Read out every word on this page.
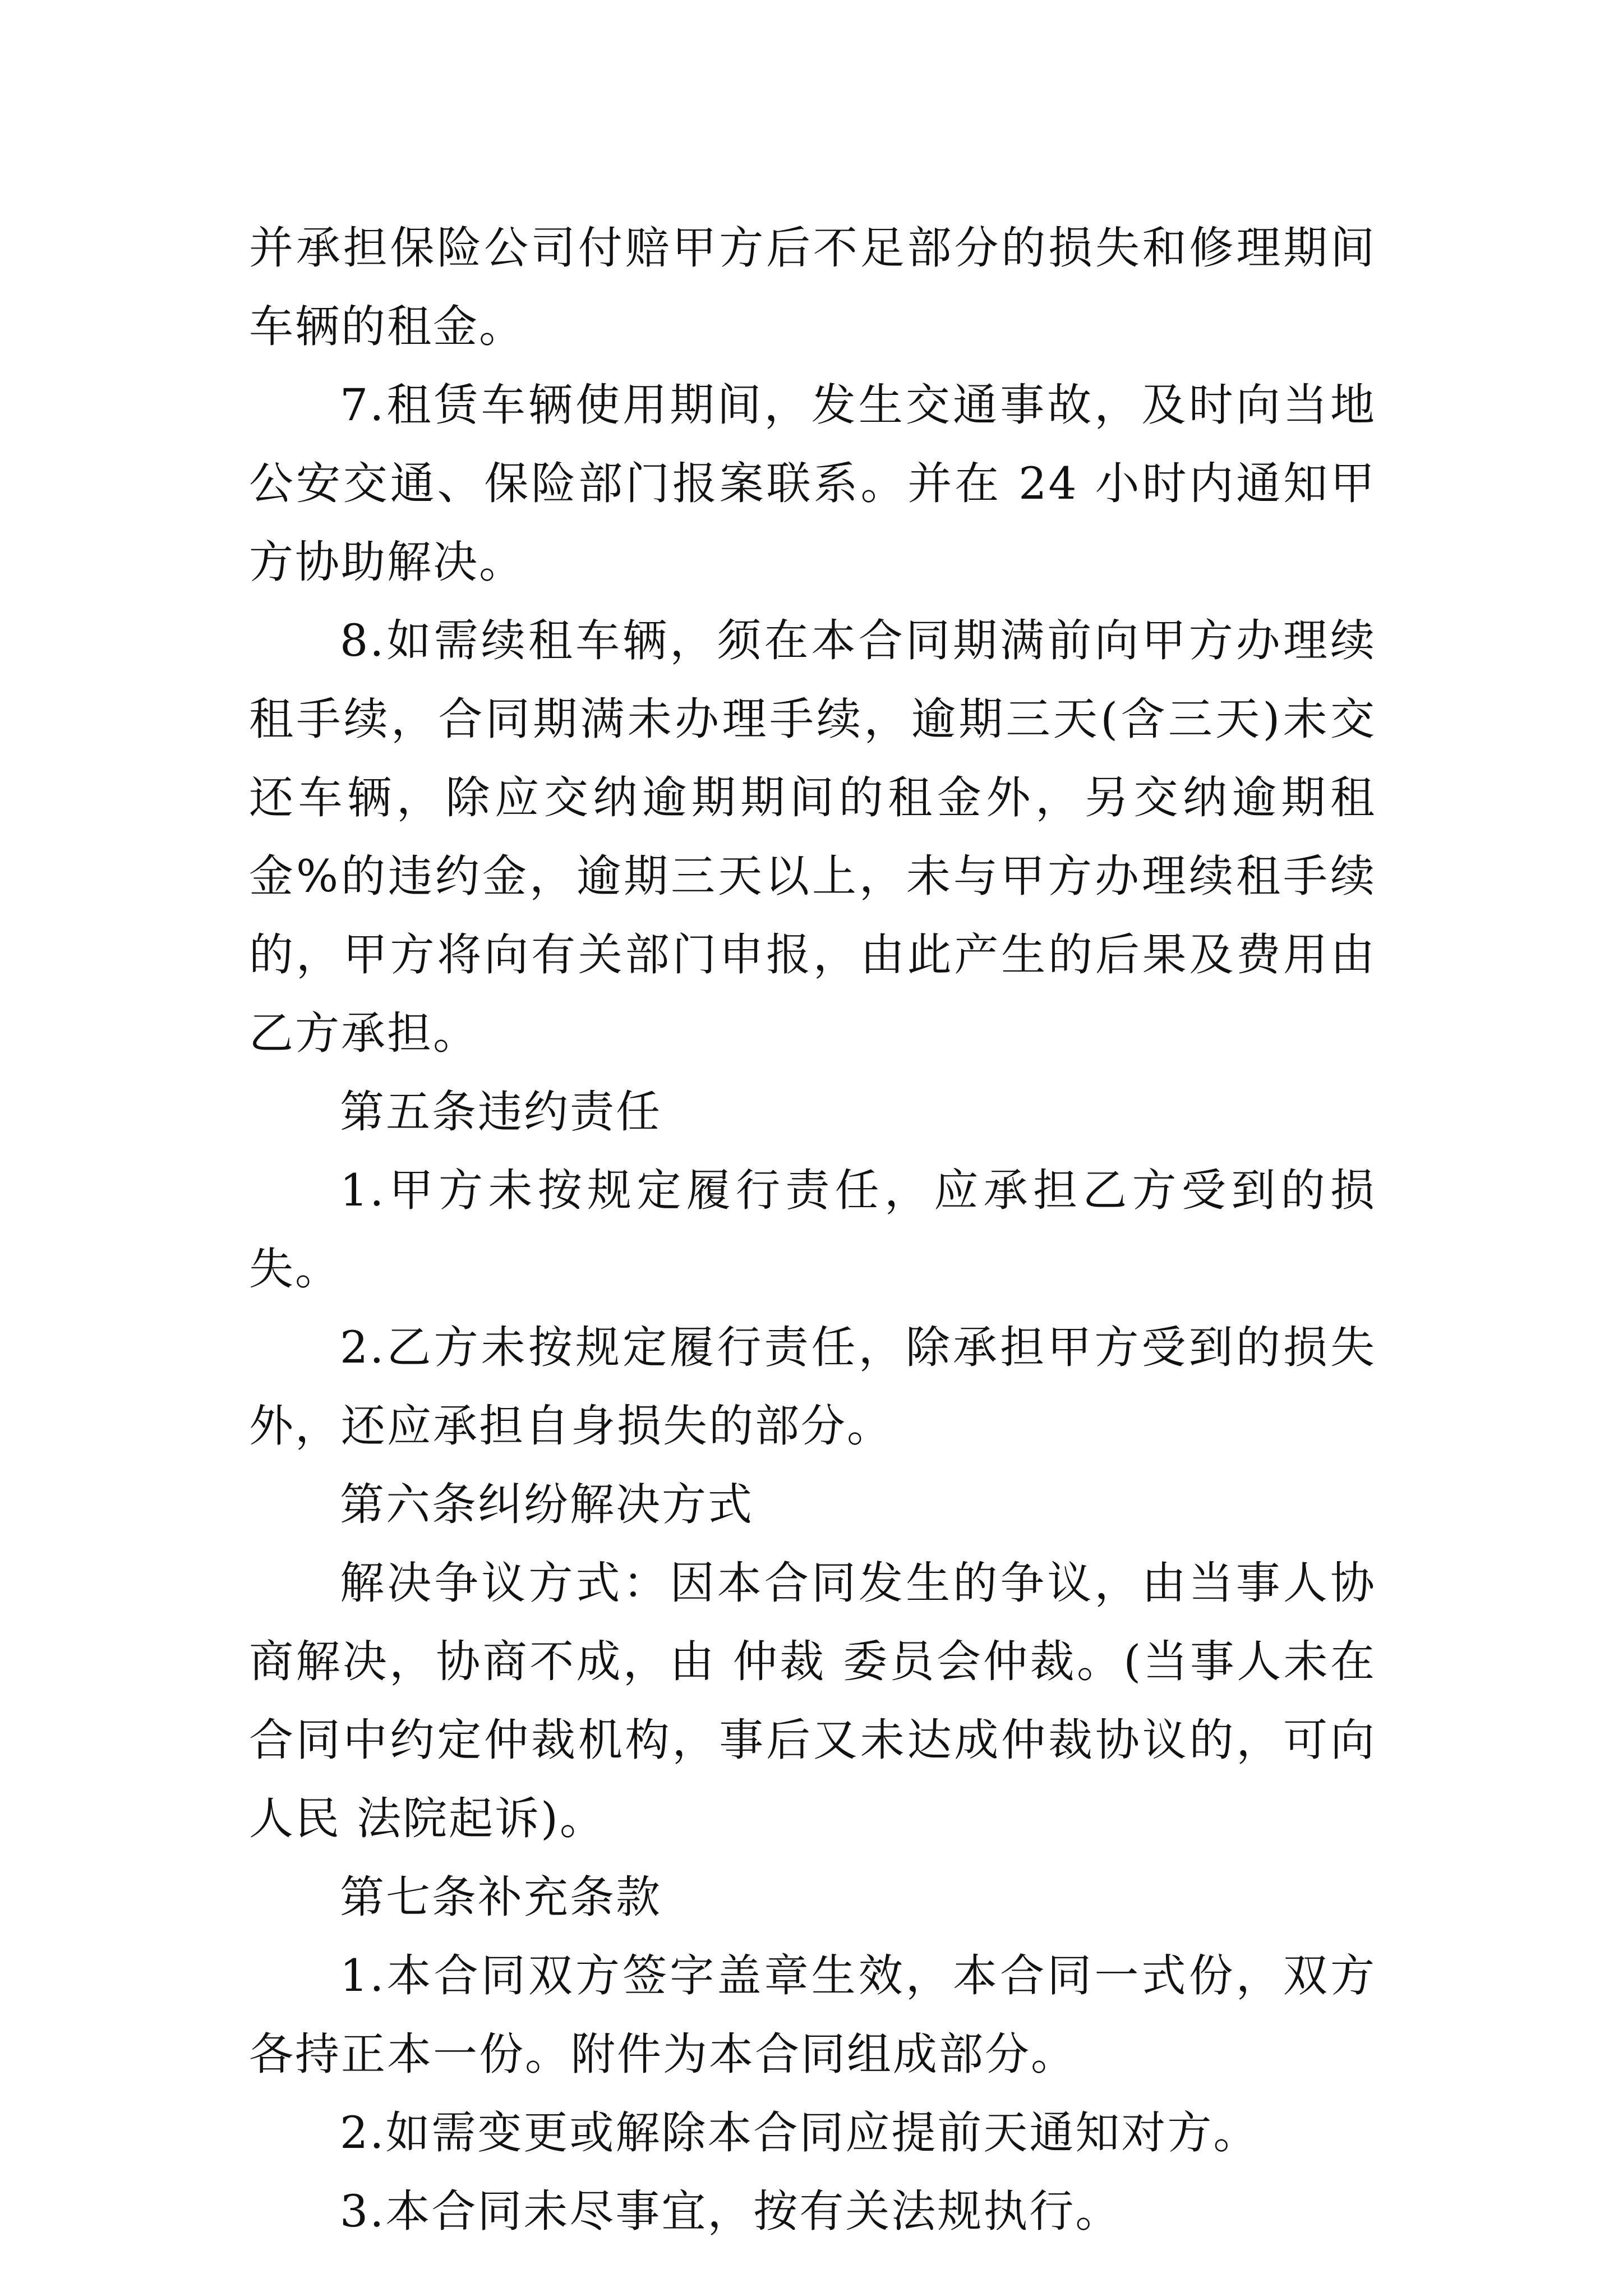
并承担保险公司付赔甲方后不足部分的损失和修理期间车辆的租金。

7.租赁车辆使用期间，发生交通事故，及时向当地公安交通、保险部门报案联系。并在 24 小时内通知甲方协助解决。

8.如需续租车辆，须在本合同期满前向甲方办理续租手续，合同期满未办理手续，逾期三天(含三天)未交还车辆，除应交纳逾期期间的租金外，另交纳逾期租金%的违约金，逾期三天以上，未与甲方办理续租手续的，甲方将向有关部门申报，由此产生的后果及费用由乙方承担。

第五条违约责任

1.甲方未按规定履行责任，应承担乙方受到的损失。

2.乙方未按规定履行责任，除承担甲方受到的损失外，还应承担自身损失的部分。

第六条纠纷解决方式

解决争议方式：因本合同发生的争议，由当事人协商解决，协商不成，由 仲裁 委员会仲裁。(当事人未在合同中约定仲裁机构，事后又未达成仲裁协议的，可向人民 法院起诉)。

第七条补充条款

1.本合同双方签字盖章生效，本合同一式份，双方各持正本一份。附件为本合同组成部分。

2.如需变更或解除本合同应提前天通知对方。

3.本合同未尽事宜，按有关法规执行。
